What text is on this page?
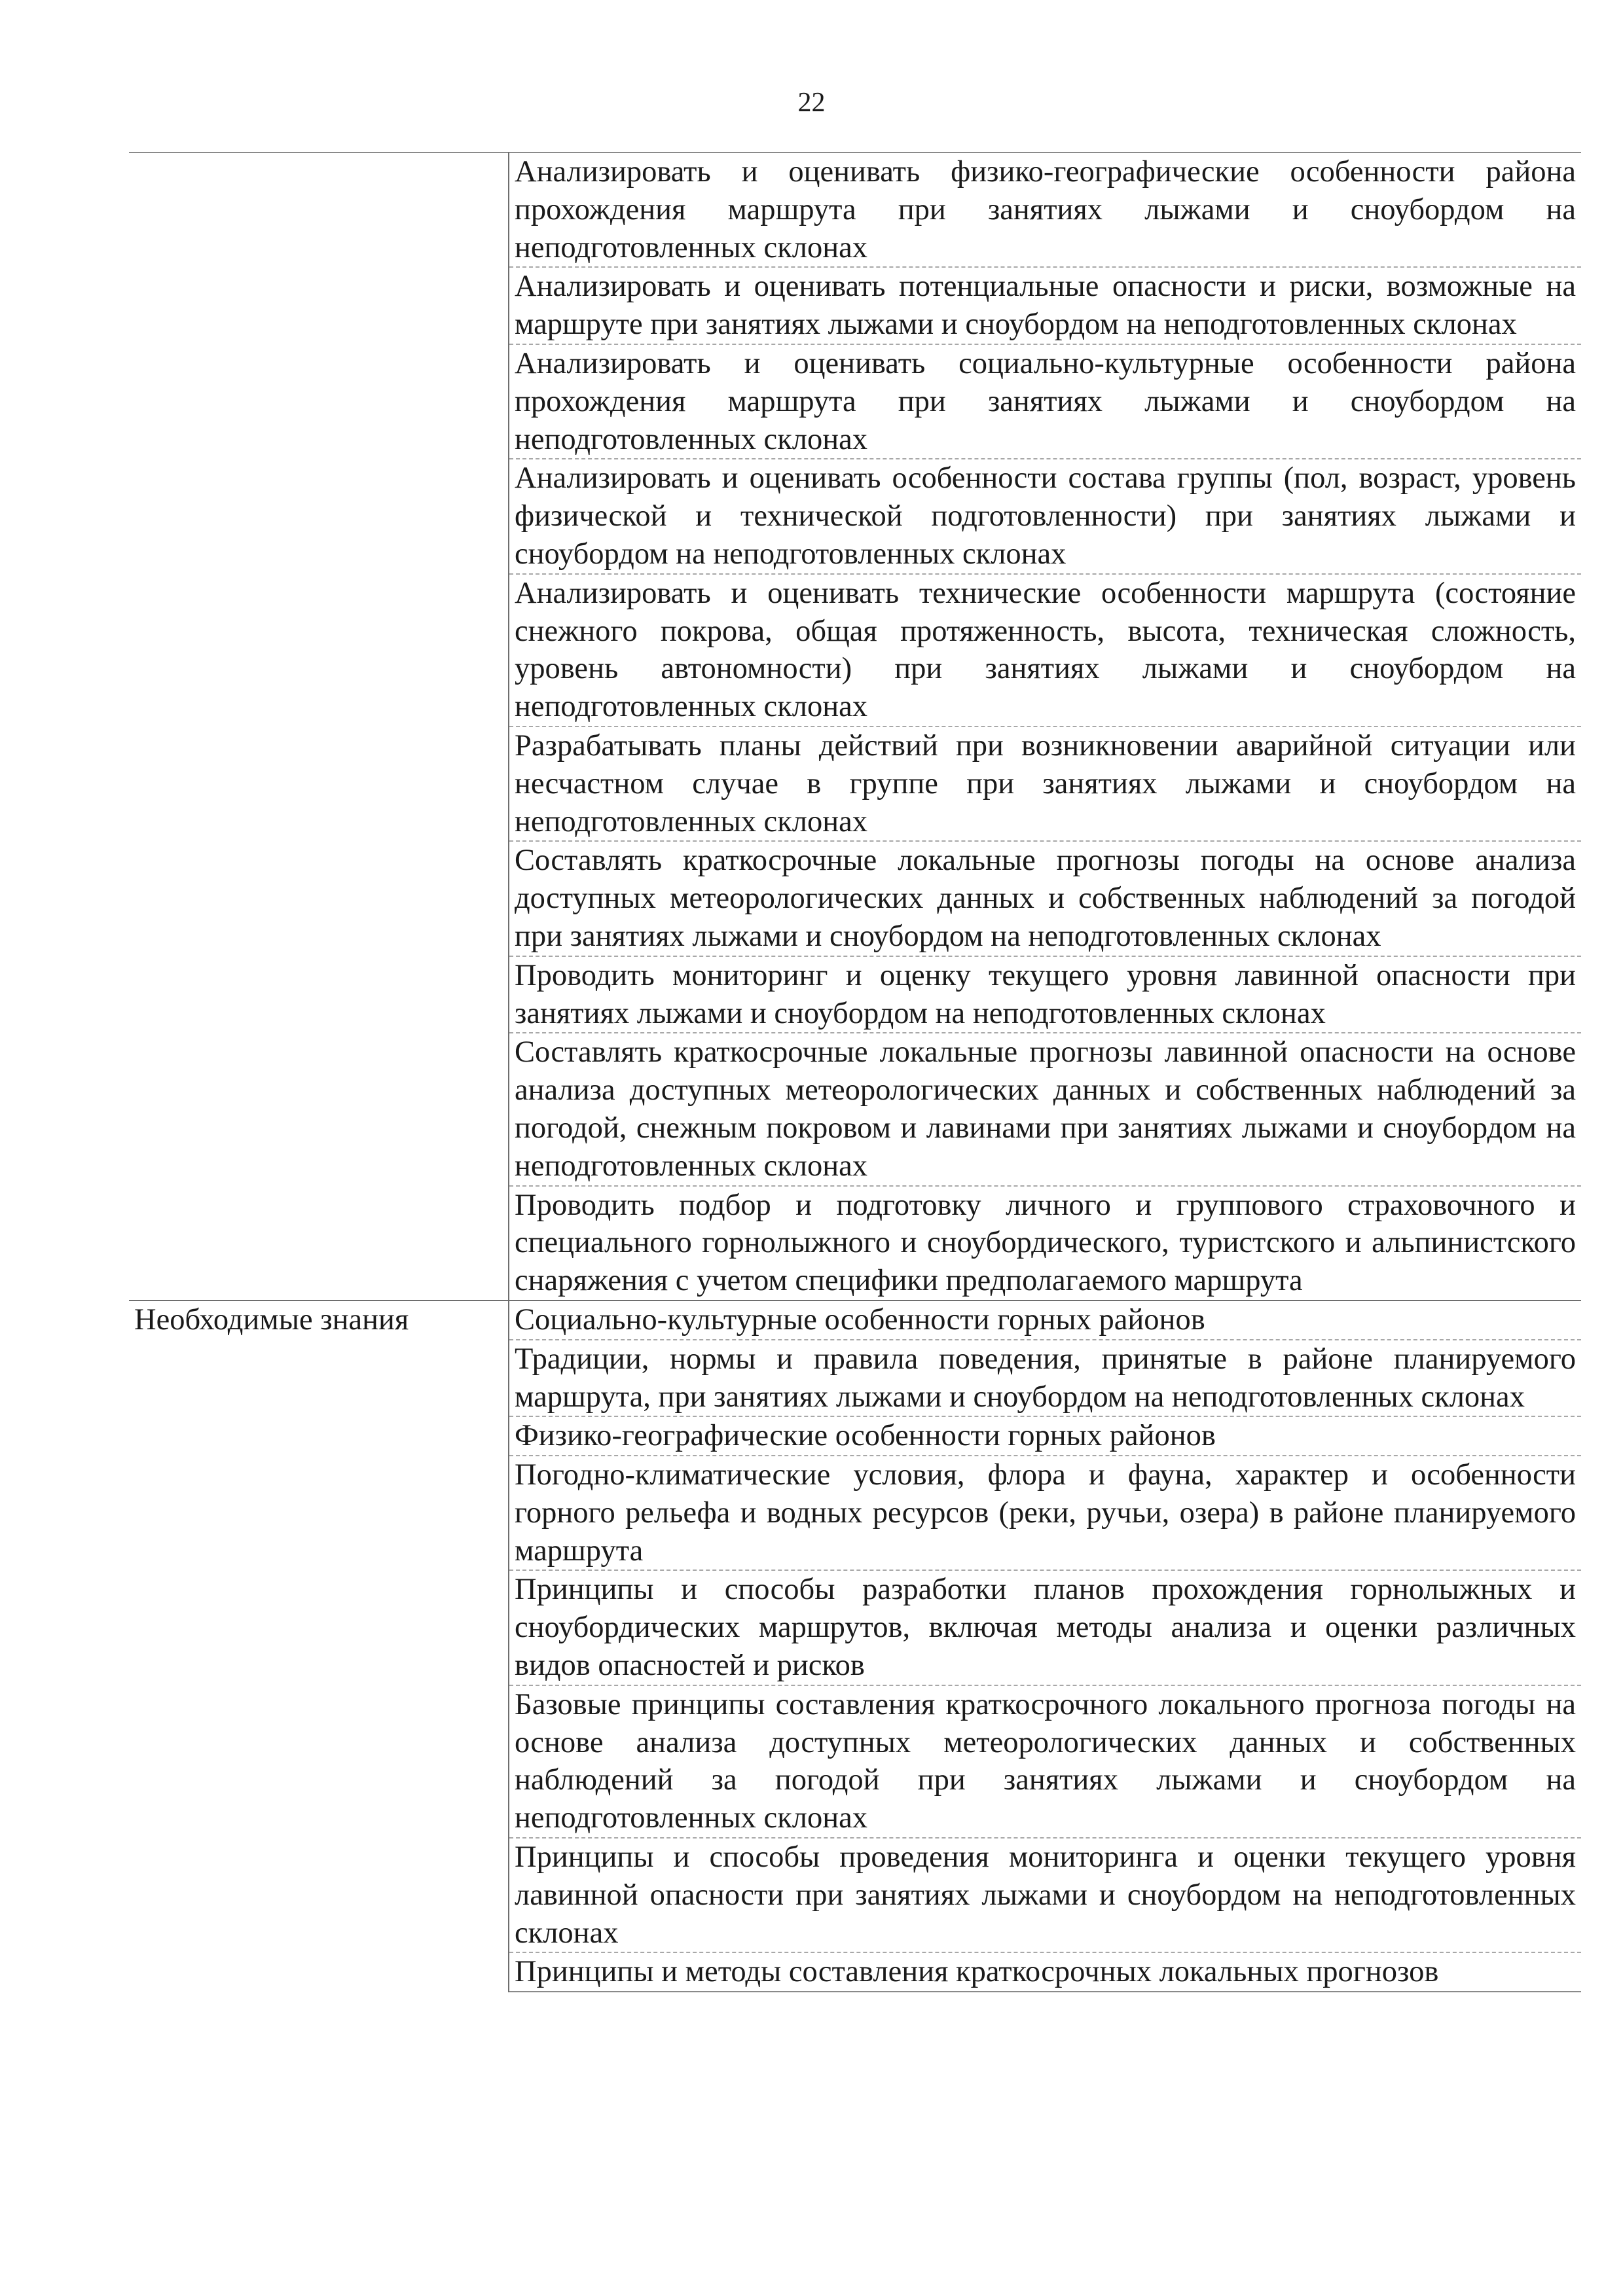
22
	Анализировать и оценивать физико-географические особенности района прохождения маршрута при занятиях лыжами и сноубордом на неподготовленных склонах
	Анализировать и оценивать потенциальные опасности и риски, возможные на маршруте при занятиях лыжами и сноубордом на неподготовленных склонах
	Анализировать и оценивать социально-культурные особенности района прохождения маршрута при занятиях лыжами и сноубордом на неподготовленных склонах
	Анализировать и оценивать особенности состава группы (пол, возраст, уровень физической и технической подготовленности) при занятиях лыжами и сноубордом на неподготовленных склонах
	Анализировать и оценивать технические особенности маршрута (состояние снежного покрова, общая протяженность, высота, техническая сложность, уровень автономности) при занятиях лыжами и сноубордом на неподготовленных склонах
	Разрабатывать планы действий при возникновении аварийной ситуации или несчастном случае в группе при занятиях лыжами и сноубордом на неподготовленных склонах
	Составлять краткосрочные локальные прогнозы погоды на основе анализа доступных метеорологических данных и собственных наблюдений за погодой при занятиях лыжами и сноубордом на неподготовленных склонах
	Проводить мониторинг и оценку текущего уровня лавинной опасности при занятиях лыжами и сноубордом на неподготовленных склонах
	Составлять краткосрочные локальные прогнозы лавинной опасности на основе анализа доступных метеорологических данных и собственных наблюдений за погодой, снежным покровом и лавинами при занятиях лыжами и сноубордом на неподготовленных склонах
	Проводить подбор и подготовку личного и группового страховочного и специального горнолыжного и сноубордического, туристского и альпинистского снаряжения с учетом специфики предполагаемого маршрута
Необходимые знания	Социально-культурные особенности горных районов
	Традиции, нормы и правила поведения, принятые в районе планируемого маршрута, при занятиях лыжами и сноубордом на неподготовленных склонах
	Физико-географические особенности горных районов
	Погодно-климатические условия, флора и фауна, характер и особенности горного рельефа и водных ресурсов (реки, ручьи, озера) в районе планируемого маршрута
	Принципы и способы разработки планов прохождения горнолыжных и сноубордических маршрутов, включая методы анализа и оценки различных видов опасностей и рисков
	Базовые принципы составления краткосрочного локального прогноза погоды на основе анализа доступных метеорологических данных и собственных наблюдений за погодой при занятиях лыжами и сноубордом на неподготовленных склонах
	Принципы и способы проведения мониторинга и оценки текущего уровня лавинной опасности при занятиях лыжами и сноубордом на неподготовленных склонах
	Принципы и методы составления краткосрочных локальных прогнозов
